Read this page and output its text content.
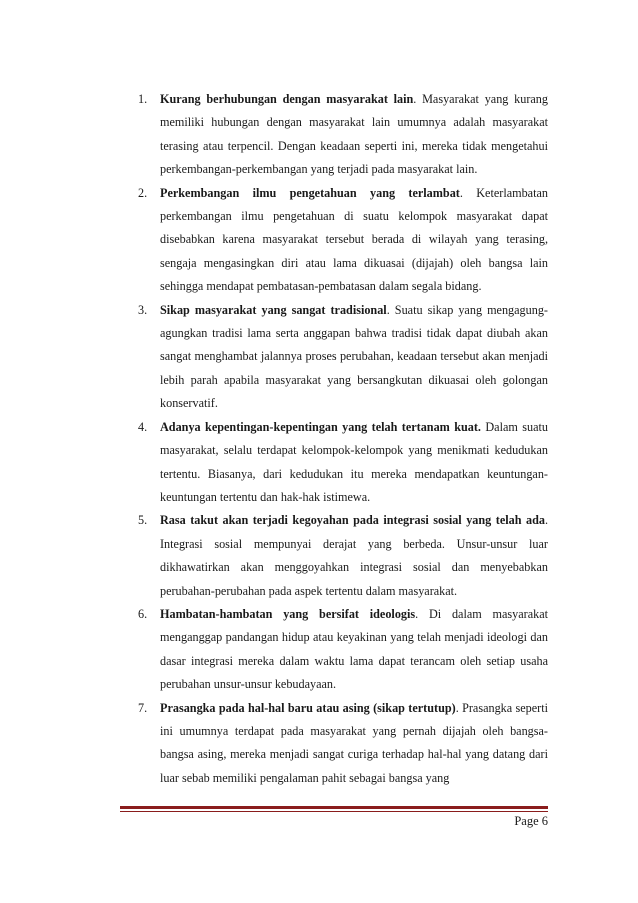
1. Kurang berhubungan dengan masyarakat lain. Masyarakat yang kurang memiliki hubungan dengan masyarakat lain umumnya adalah masyarakat terasing atau terpencil. Dengan keadaan seperti ini, mereka tidak mengetahui perkembangan-perkembangan yang terjadi pada masyarakat lain.

2. Perkembangan ilmu pengetahuan yang terlambat. Keterlambatan perkembangan ilmu pengetahuan di suatu kelompok masyarakat dapat disebabkan karena masyarakat tersebut berada di wilayah yang terasing, sengaja mengasingkan diri atau lama dikuasai (dijajah) oleh bangsa lain sehingga mendapat pembatasan-pembatasan dalam segala bidang.

3. Sikap masyarakat yang sangat tradisional. Suatu sikap yang mengagung-agungkan tradisi lama serta anggapan bahwa tradisi tidak dapat diubah akan sangat menghambat jalannya proses perubahan, keadaan tersebut akan menjadi lebih parah apabila masyarakat yang bersangkutan dikuasai oleh golongan konservatif.

4. Adanya kepentingan-kepentingan yang telah tertanam kuat. Dalam suatu masyarakat, selalu terdapat kelompok-kelompok yang menikmati kedudukan tertentu. Biasanya, dari kedudukan itu mereka mendapatkan keuntungan-keuntungan tertentu dan hak-hak istimewa.

5. Rasa takut akan terjadi kegoyahan pada integrasi sosial yang telah ada. Integrasi sosial mempunyai derajat yang berbeda. Unsur-unsur luar dikhawatirkan akan menggoyahkan integrasi sosial dan menyebabkan perubahan-perubahan pada aspek tertentu dalam masyarakat.

6. Hambatan-hambatan yang bersifat ideologis. Di dalam masyarakat menganggap pandangan hidup atau keyakinan yang telah menjadi ideologi dan dasar integrasi mereka dalam waktu lama dapat terancam oleh setiap usaha perubahan unsur-unsur kebudayaan.

7. Prasangka pada hal-hal baru atau asing (sikap tertutup). Prasangka seperti ini umumnya terdapat pada masyarakat yang pernah dijajah oleh bangsa-bangsa asing, mereka menjadi sangat curiga terhadap hal-hal yang datang dari luar sebab memiliki pengalaman pahit sebagai bangsa yang

Page 6
